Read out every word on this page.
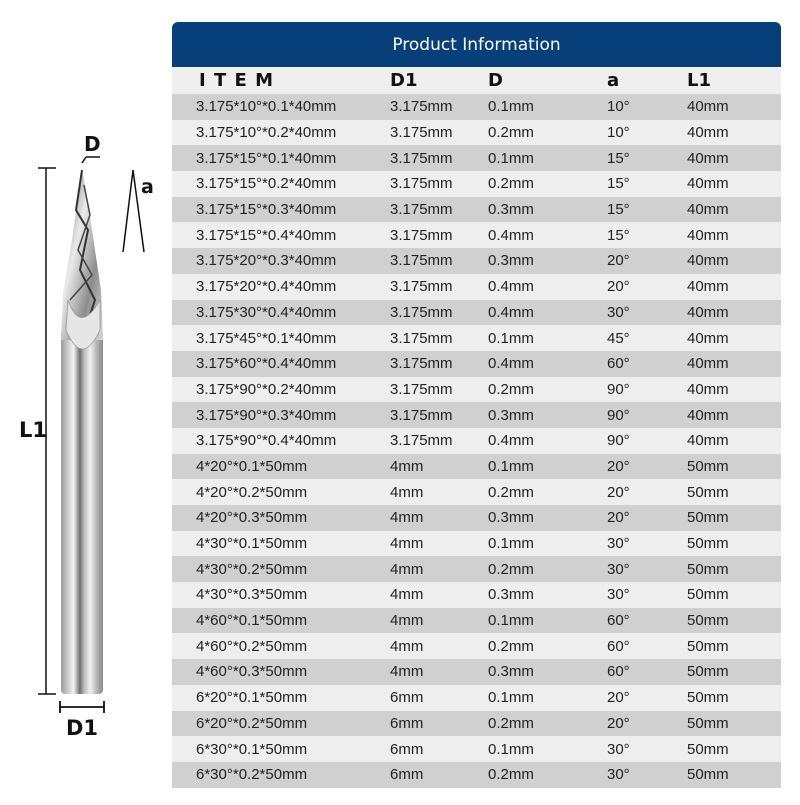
D
a
L1
D1
Product Information
I T E M	D1	D	a	L1
3.175*10°*0.1*40mm	3.175mm 0.1mm	10°	40mm
3.175*10°*0.2*40mm	3.175mm 0.2mm	10°	40mm
3.175*15°*0.1*40mm	3.175mm 0.1mm	15°	40mm
3.175*15°*0.2*40mm	3.175mm 0.2mm	15°	40mm
3.175*15°*0.3*40mm	3.175mm 0.3mm	15°	40mm
3.175*15°*0.4*40mm	3.175mm 0.4mm	15°	40mm
3.175*20°*0.3*40mm	3.175mm 0.3mm	20°	40mm
3.175*20°*0.4*40mm	3.175mm 0.4mm	20°	40mm
3.175*30°*0.4*40mm	3.175mm 0.4mm	30°	40mm
3.175*45°*0.1*40mm	3.175mm 0.1mm	45°	40mm
3.175*60°*0.4*40mm	3.175mm 0.4mm	60°	40mm
3.175*90°*0.2*40mm	3.175mm 0.2mm	90°	40mm
3.175*90°*0.3*40mm	3.175mm 0.3mm	90°	40mm
3.175*90°*0.4*40mm	3.175mm 0.4mm	90°	40mm
4*20°*0.1*50mm	4mm	0.1mm	20°	50mm
4*20°*0.2*50mm	4mm	0.2mm	20°	50mm
4*20°*0.3*50mm	4mm	0.3mm	20°	50mm
4*30°*0.1*50mm	4mm	0.1mm	30°	50mm
4*30°*0.2*50mm	4mm	0.2mm	30°	50mm
4*30°*0.3*50mm	4mm	0.3mm	30°	50mm
4*60°*0.1*50mm	4mm	0.1mm	60°	50mm
4*60°*0.2*50mm	4mm	0.2mm	60°	50mm
4*60°*0.3*50mm	4mm	0.3mm	60°	50mm
6*20°*0.1*50mm	6mm	0.1mm	20°	50mm
6*20°*0.2*50mm	6mm	0.2mm	20°	50mm
6*30°*0.1*50mm	6mm	0.1mm	30°	50mm
6*30°*0.2*50mm	6mm	0.2mm	30°	50mm
